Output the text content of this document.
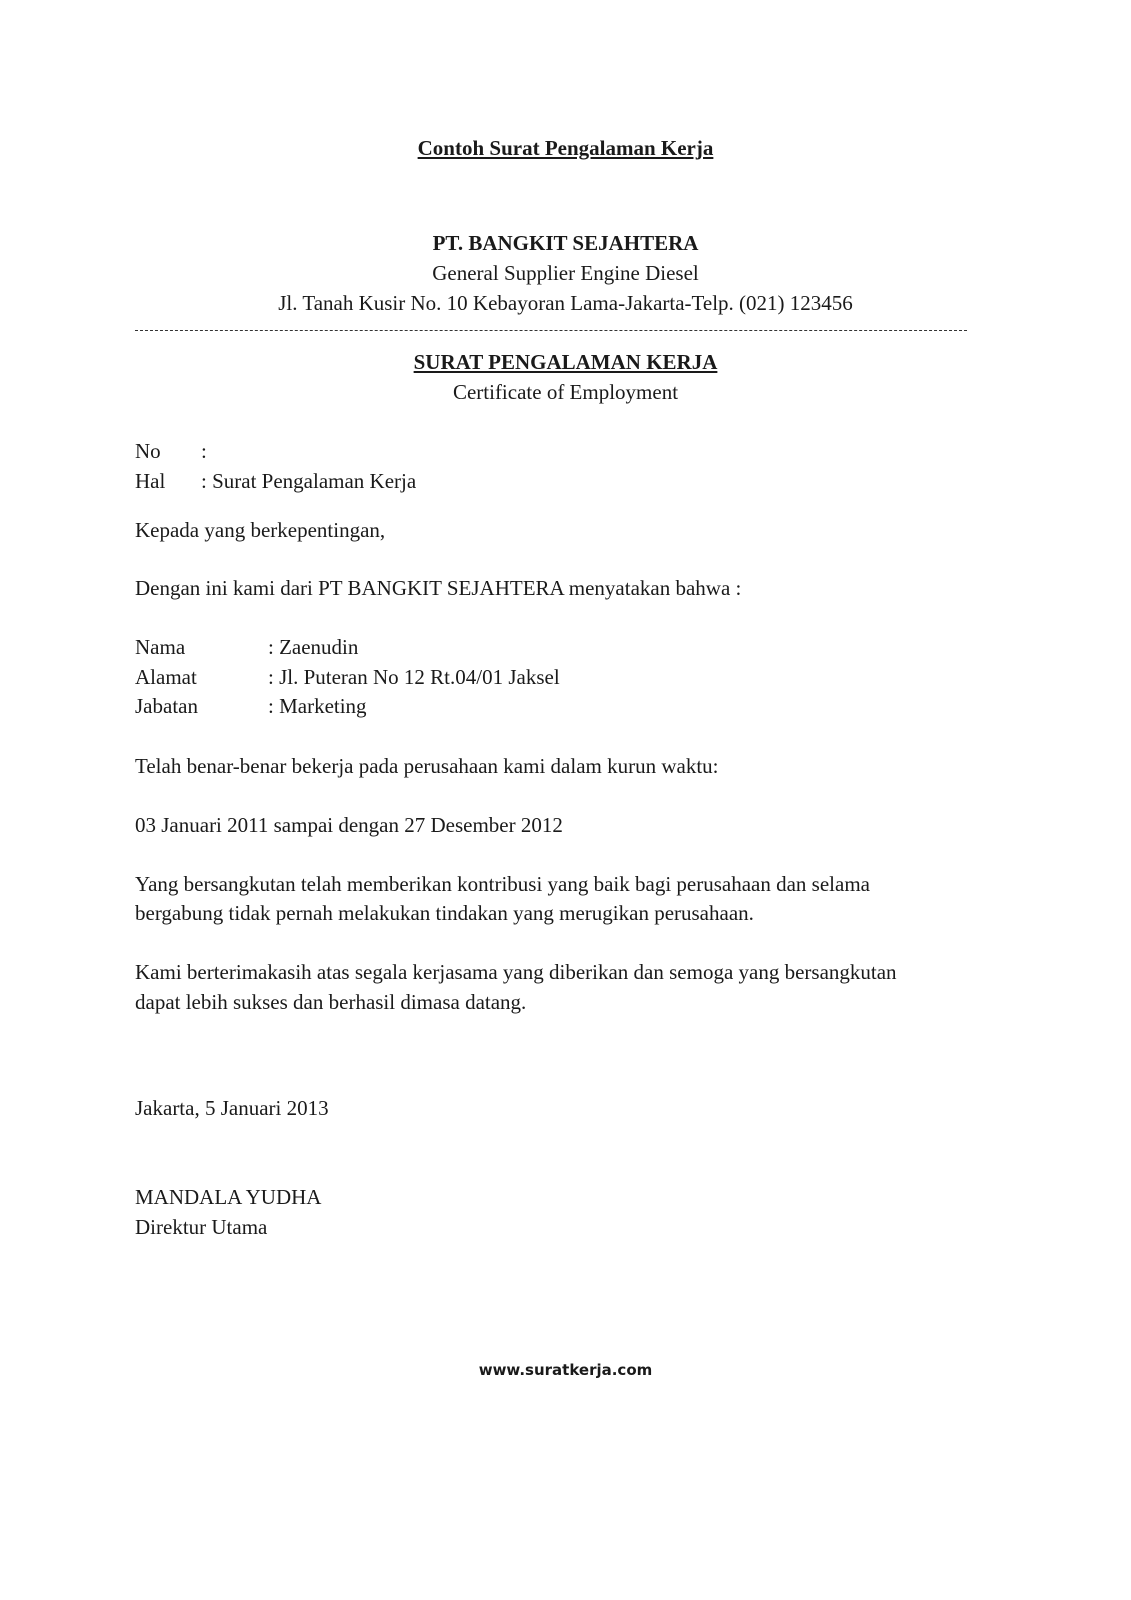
Contoh Surat Pengalaman Kerja
PT. BANGKIT SEJAHTERA
General Supplier Engine Diesel
Jl. Tanah Kusir No. 10 Kebayoran Lama-Jakarta-Telp. (021) 123456
SURAT PENGALAMAN KERJA
Certificate of Employment
No :
Hal : Surat Pengalaman Kerja
Kepada yang berkepentingan,
Dengan ini kami dari PT BANGKIT SEJAHTERA menyatakan bahwa :
Nama	: Zaenudin
Alamat	: Jl. Puteran No 12 Rt.04/01 Jaksel
Jabatan	: Marketing
Telah benar-benar bekerja pada perusahaan kami dalam kurun waktu:
03 Januari 2011 sampai dengan 27 Desember 2012
Yang bersangkutan telah memberikan kontribusi yang baik bagi perusahaan dan selama
bergabung tidak pernah melakukan tindakan yang merugikan perusahaan.
Kami berterimakasih atas segala kerjasama yang diberikan dan semoga yang bersangkutan
dapat lebih sukses dan berhasil dimasa datang.
Jakarta, 5 Januari 2013
MANDALA YUDHA
Direktur Utama
www.suratkerja.com
